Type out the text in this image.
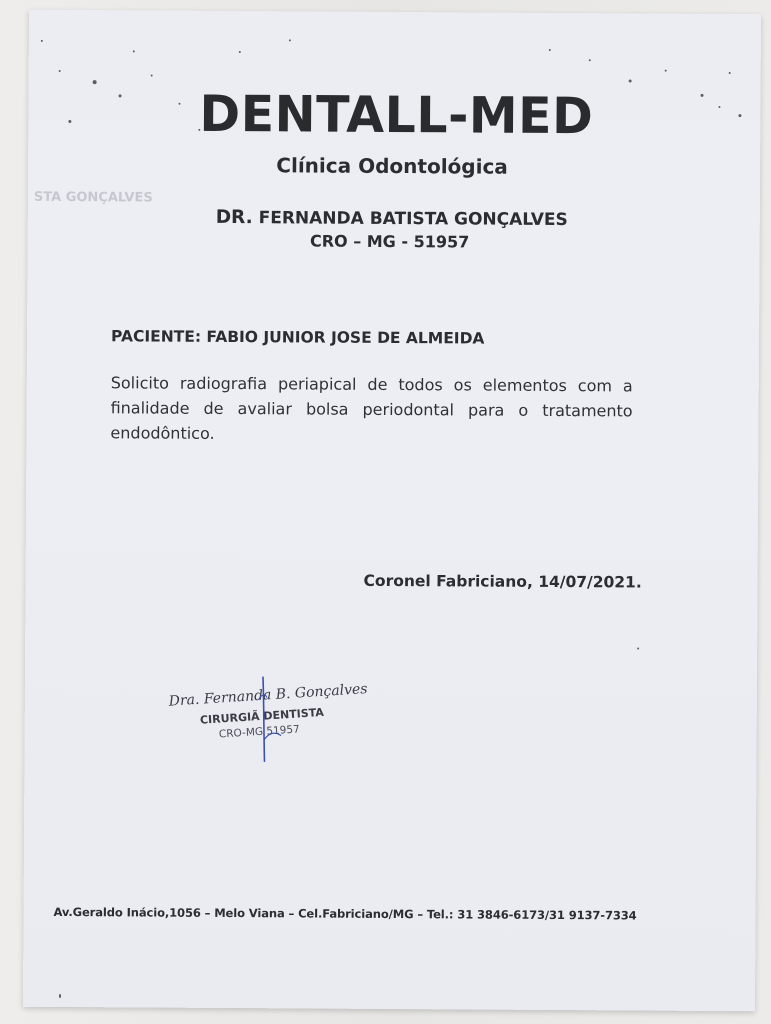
STA GONÇALVES
DENTALL-MED
Clínica Odontológica
DR. FERNANDA BATISTA GONÇALVES
CRO – MG - 51957
PACIENTE: FABIO JUNIOR JOSE DE ALMEIDA
Solicito radiografia periapical de todos os elementos com a finalidade de avaliar bolsa periodontal para o tratamento endodôntico.
Coronel Fabriciano, 14/07/2021.
Dra. Fernanda B. Gonçalves
CIRURGIÃ DENTISTA
CRO-MG 51957
Av.Geraldo Inácio,1056 – Melo Viana – Cel.Fabriciano/MG – Tel.: 31 3846-6173/31 9137-7334
